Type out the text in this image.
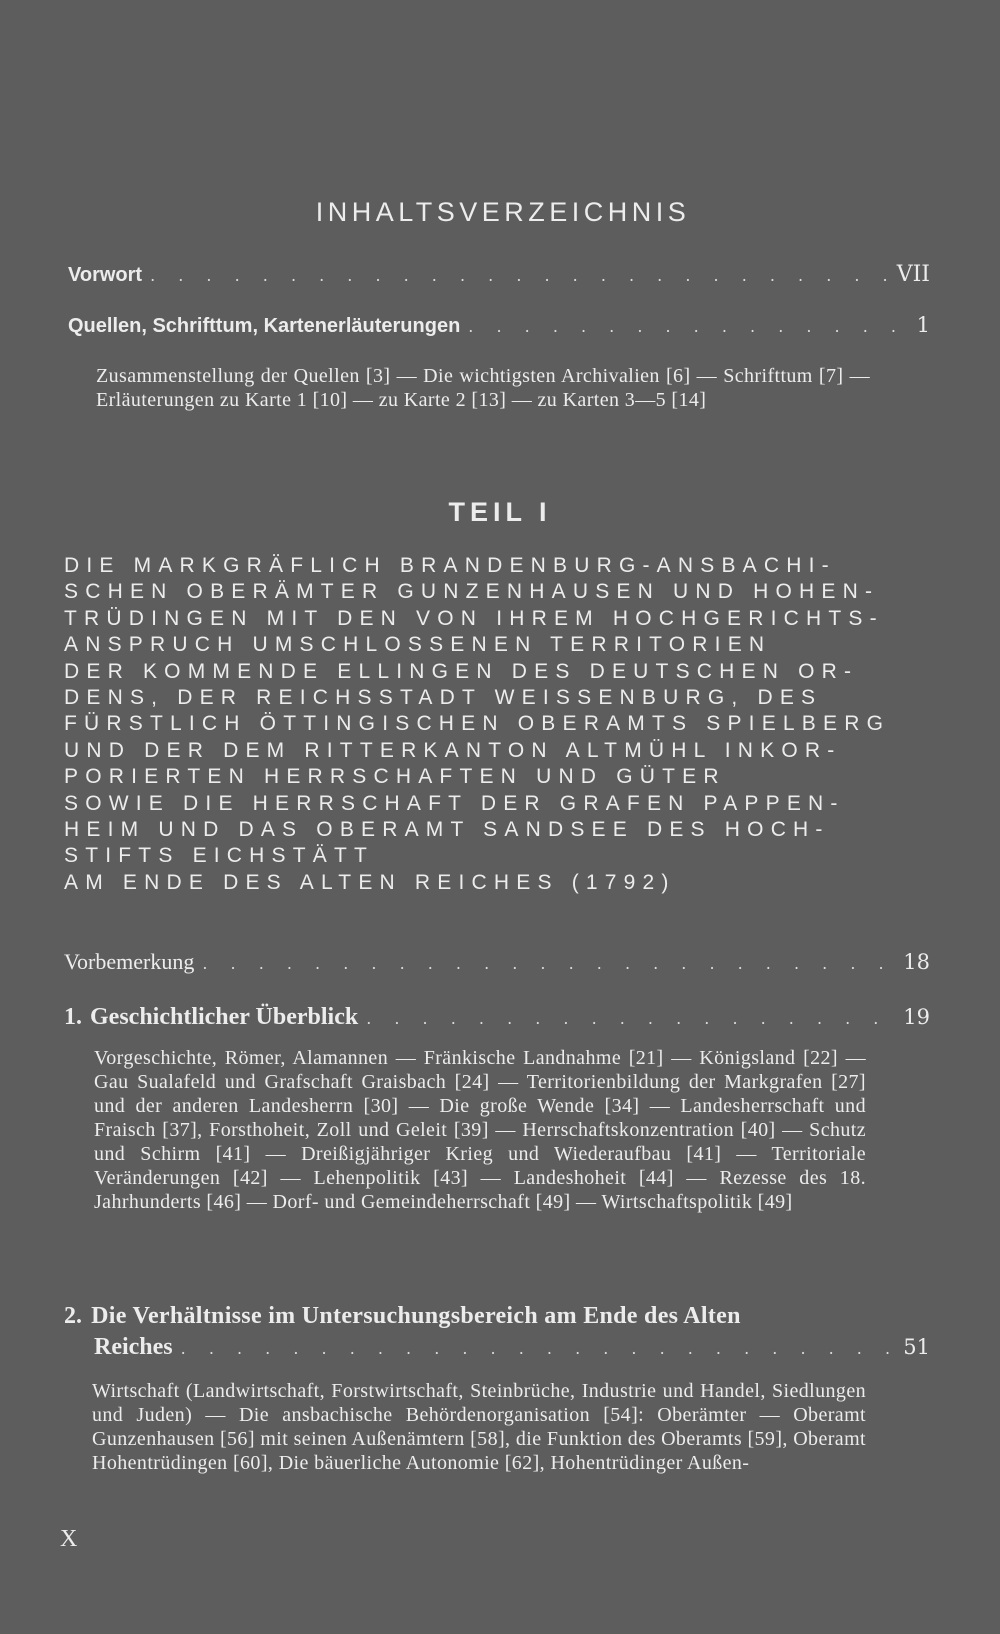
INHALTSVERZEICHNIS
Vorwort . . .	VII
Quellen, Schrifttum, Kartenerläuterungen . . .	1
Zusammenstellung der Quellen [3] — Die wichtigsten Archivalien [6] — Schrifttum [7] — Erläuterungen zu Karte 1 [10] — zu Karte 2 [13] — zu Karten 3—5 [14]
TEIL I
DIE MARKGRÄFLICH BRANDENBURG-ANSBACHI-
SCHEN OBERÄMTER GUNZENHAUSEN UND HOHEN-
TRÜDINGEN MIT DEN VON IHREM HOCHGERICHTS-
ANSPRUCH UMSCHLOSSENEN TERRITORIEN
DER KOMMENDE ELLINGEN DES DEUTSCHEN OR-
DENS, DER REICHSSTADT WEISSENBURG, DES
FÜRSTLICH ÖTTINGISCHEN OBERAMTS SPIELBERG
UND DER DEM RITTERKANTON ALTMÜHL INKOR-
PORIERTEN HERRSCHAFTEN UND GÜTER
SOWIE DIE HERRSCHAFT DER GRAFEN PAPPEN-
HEIM UND DAS OBERAMT SANDSEE DES HOCH-
STIFTS EICHSTÄTT
AM ENDE DES ALTEN REICHES (1792)
Vorbemerkung . . .	18
1. Geschichtlicher Überblick . . .	19
Vorgeschichte, Römer, Alamannen — Fränkische Landnahme [21] — Königsland [22] — Gau Sualafeld und Grafschaft Graisbach [24] — Territorienbildung der Markgrafen [27] und der anderen Landesherrn [30] — Die große Wende [34] — Landesherrschaft und Fraisch [37], Forsthoheit, Zoll und Geleit [39] — Herrschaftskonzentration [40] — Schutz und Schirm [41] — Dreißigjähriger Krieg und Wiederaufbau [41] — Territoriale Veränderungen [42] — Lehenpolitik [43] — Landeshoheit [44] — Rezesse des 18. Jahrhunderts [46] — Dorf- und Gemeindeherrschaft [49] — Wirtschaftspolitik [49]
2. Die Verhältnisse im Untersuchungsbereich am Ende des Alten
Reiches . . .	51
Wirtschaft (Landwirtschaft, Forstwirtschaft, Steinbrüche, Industrie und Handel, Siedlungen und Juden) — Die ansbachische Behördenorganisation [54]: Oberämter — Oberamt Gunzenhausen [56] mit seinen Außenämtern [58], die Funktion des Oberamts [59], Oberamt Hohentrüdingen [60], Die bäuerliche Autonomie [62], Hohentrüdinger Außen-
X
